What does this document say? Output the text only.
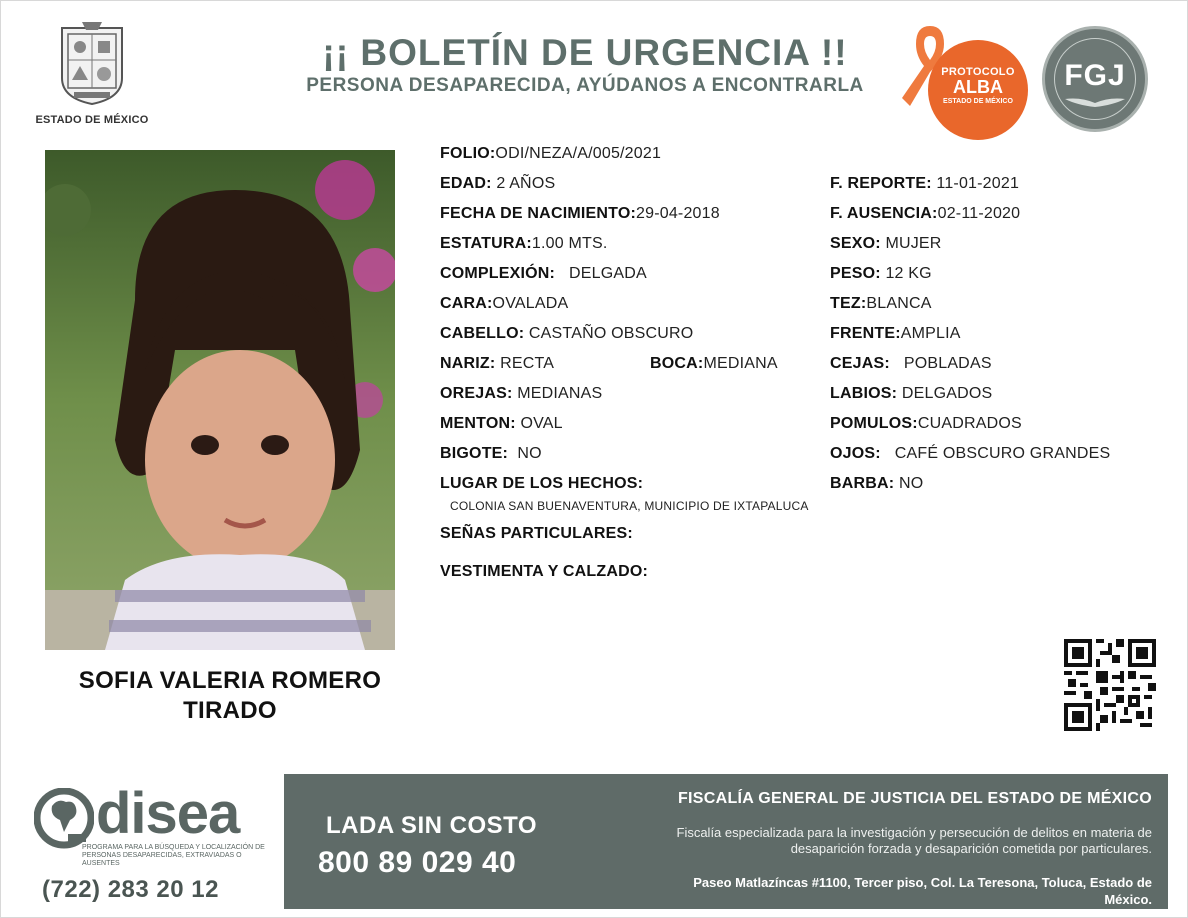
ESTADO DE MÉXICO
¡¡ BOLETÍN DE URGENCIA !!
PERSONA DESAPARECIDA, AYÚDANOS A ENCONTRARLA
PROTOCOLO
ALBA
ESTADO DE MÉXICO
FGJ
SOFIA VALERIA ROMERO
TIRADO
FOLIO:ODI/NEZA/A/005/2021
EDAD: 2 AÑOS	F. REPORTE: 11-01-2021
FECHA DE NACIMIENTO:29-04-2018	F. AUSENCIA:02-11-2020
ESTATURA:1.00 MTS.	SEXO: MUJER
COMPLEXIÓN: DELGADA	PESO: 12 KG
CARA:OVALADA	TEZ:BLANCA
CABELLO: CASTAÑO OBSCURO	FRENTE:AMPLIA
NARIZ: RECTA	BOCA:MEDIANA	CEJAS: POBLADAS
OREJAS: MEDIANAS	LABIOS: DELGADOS
MENTON: OVAL	POMULOS:CUADRADOS
BIGOTE: NO	OJOS: CAFÉ OBSCURO GRANDES
LUGAR DE LOS HECHOS:
COLONIA SAN BUENAVENTURA, MUNICIPIO DE IXTAPALUCA
BARBA: NO
SEÑAS PARTICULARES:
VESTIMENTA Y CALZADO:
disea
PROGRAMA PARA LA BÚSQUEDA Y LOCALIZACIÓN DE PERSONAS DESAPARECIDAS, EXTRAVIADAS O AUSENTES
(722) 283 20 12
LADA SIN COSTO
800 89 029 40
FISCALÍA GENERAL DE JUSTICIA DEL ESTADO DE MÉXICO
Fiscalía especializada para la investigación y persecución de delitos en materia de desaparición forzada y desaparición cometida por particulares.
Paseo Matlazíncas #1100, Tercer piso, Col. La Teresona, Toluca, Estado de México.
